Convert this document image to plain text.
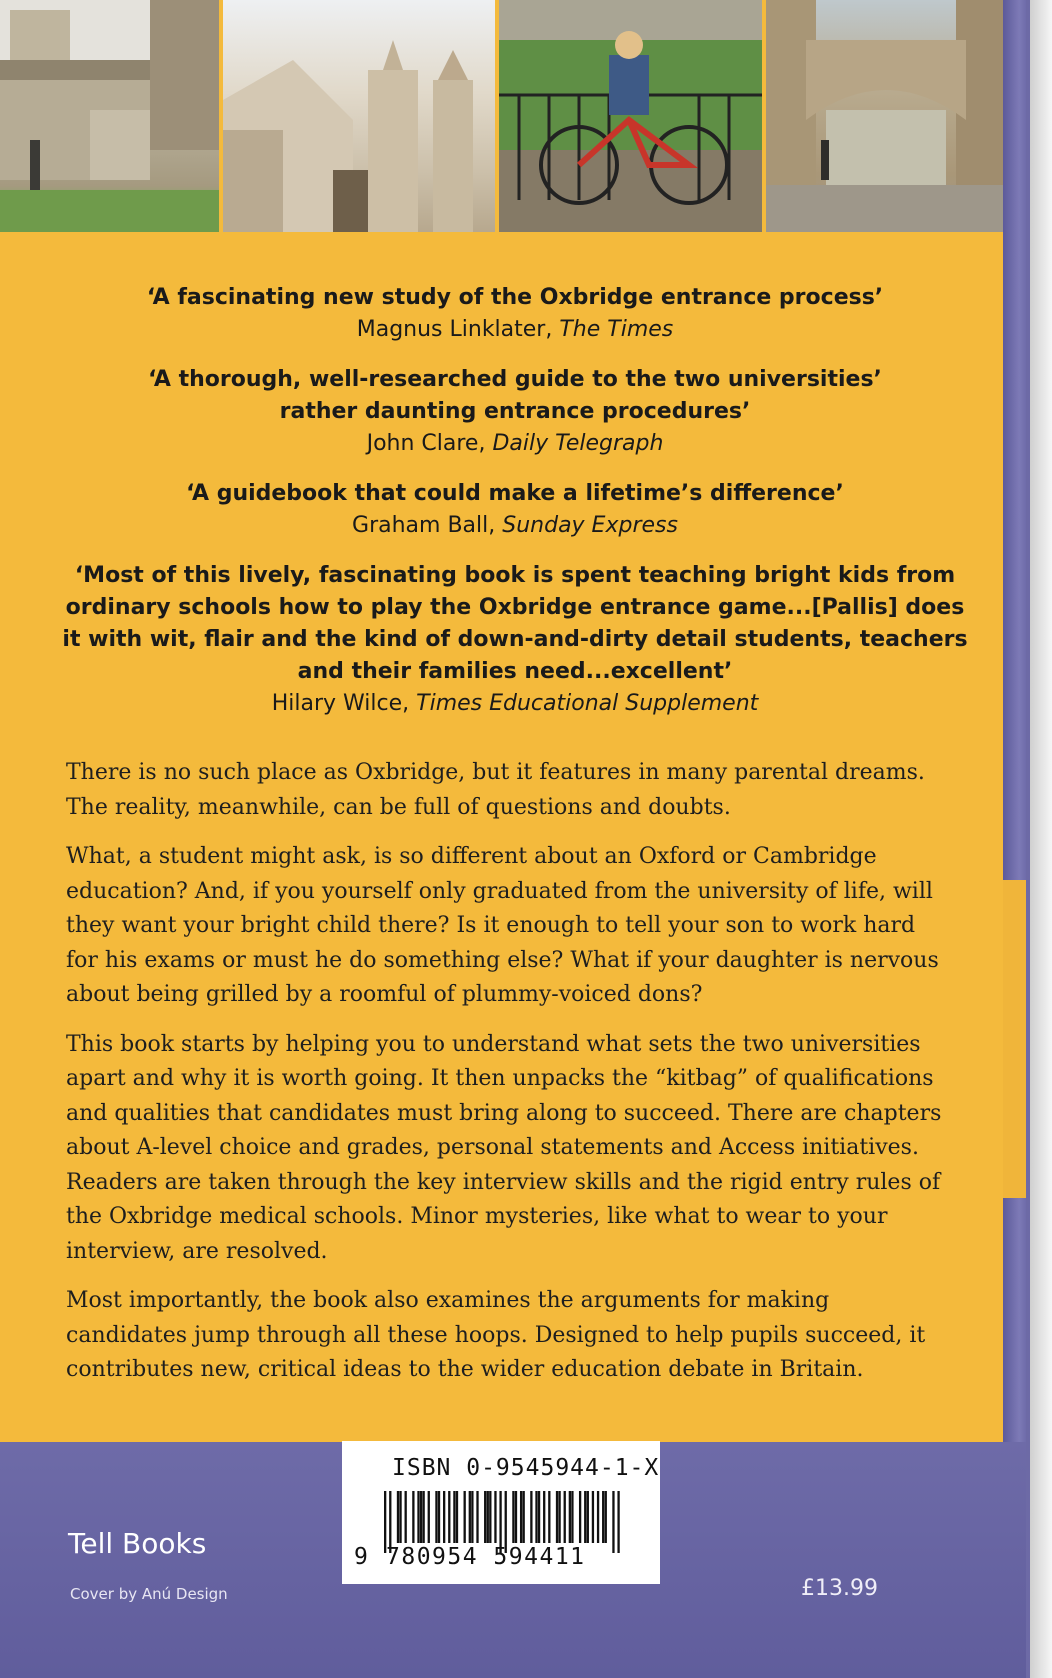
‘A fascinating new study of the Oxbridge entrance process’
Magnus Linklater, The Times
‘A thorough, well-researched guide to the two universities’ rather daunting entrance procedures’
John Clare, Daily Telegraph
‘A guidebook that could make a lifetime’s difference’
Graham Ball, Sunday Express
‘Most of this lively, fascinating book is spent teaching bright kids from ordinary schools how to play the Oxbridge entrance game...[Pallis] does it with wit, flair and the kind of down-and-dirty detail students, teachers and their families need...excellent’
Hilary Wilce, Times Educational Supplement

There is no such place as Oxbridge, but it features in many parental dreams. The reality, meanwhile, can be full of questions and doubts.

What, a student might ask, is so different about an Oxford or Cambridge education? And, if you yourself only graduated from the university of life, will they want your bright child there? Is it enough to tell your son to work hard for his exams or must he do something else? What if your daughter is nervous about being grilled by a roomful of plummy-voiced dons?

This book starts by helping you to understand what sets the two universities apart and why it is worth going. It then unpacks the “kitbag” of qualifications and qualities that candidates must bring along to succeed. There are chapters about A-level choice and grades, personal statements and Access initiatives. Readers are taken through the key interview skills and the rigid entry rules of the Oxbridge medical schools. Minor mysteries, like what to wear to your interview, are resolved.

Most importantly, the book also examines the arguments for making candidates jump through all these hoops. Designed to help pupils succeed, it contributes new, critical ideas to the wider education debate in Britain.

Tell Books
Cover by Anú Design	£13.99
ISBN 0-9545944-1-X
9 780954 594411
